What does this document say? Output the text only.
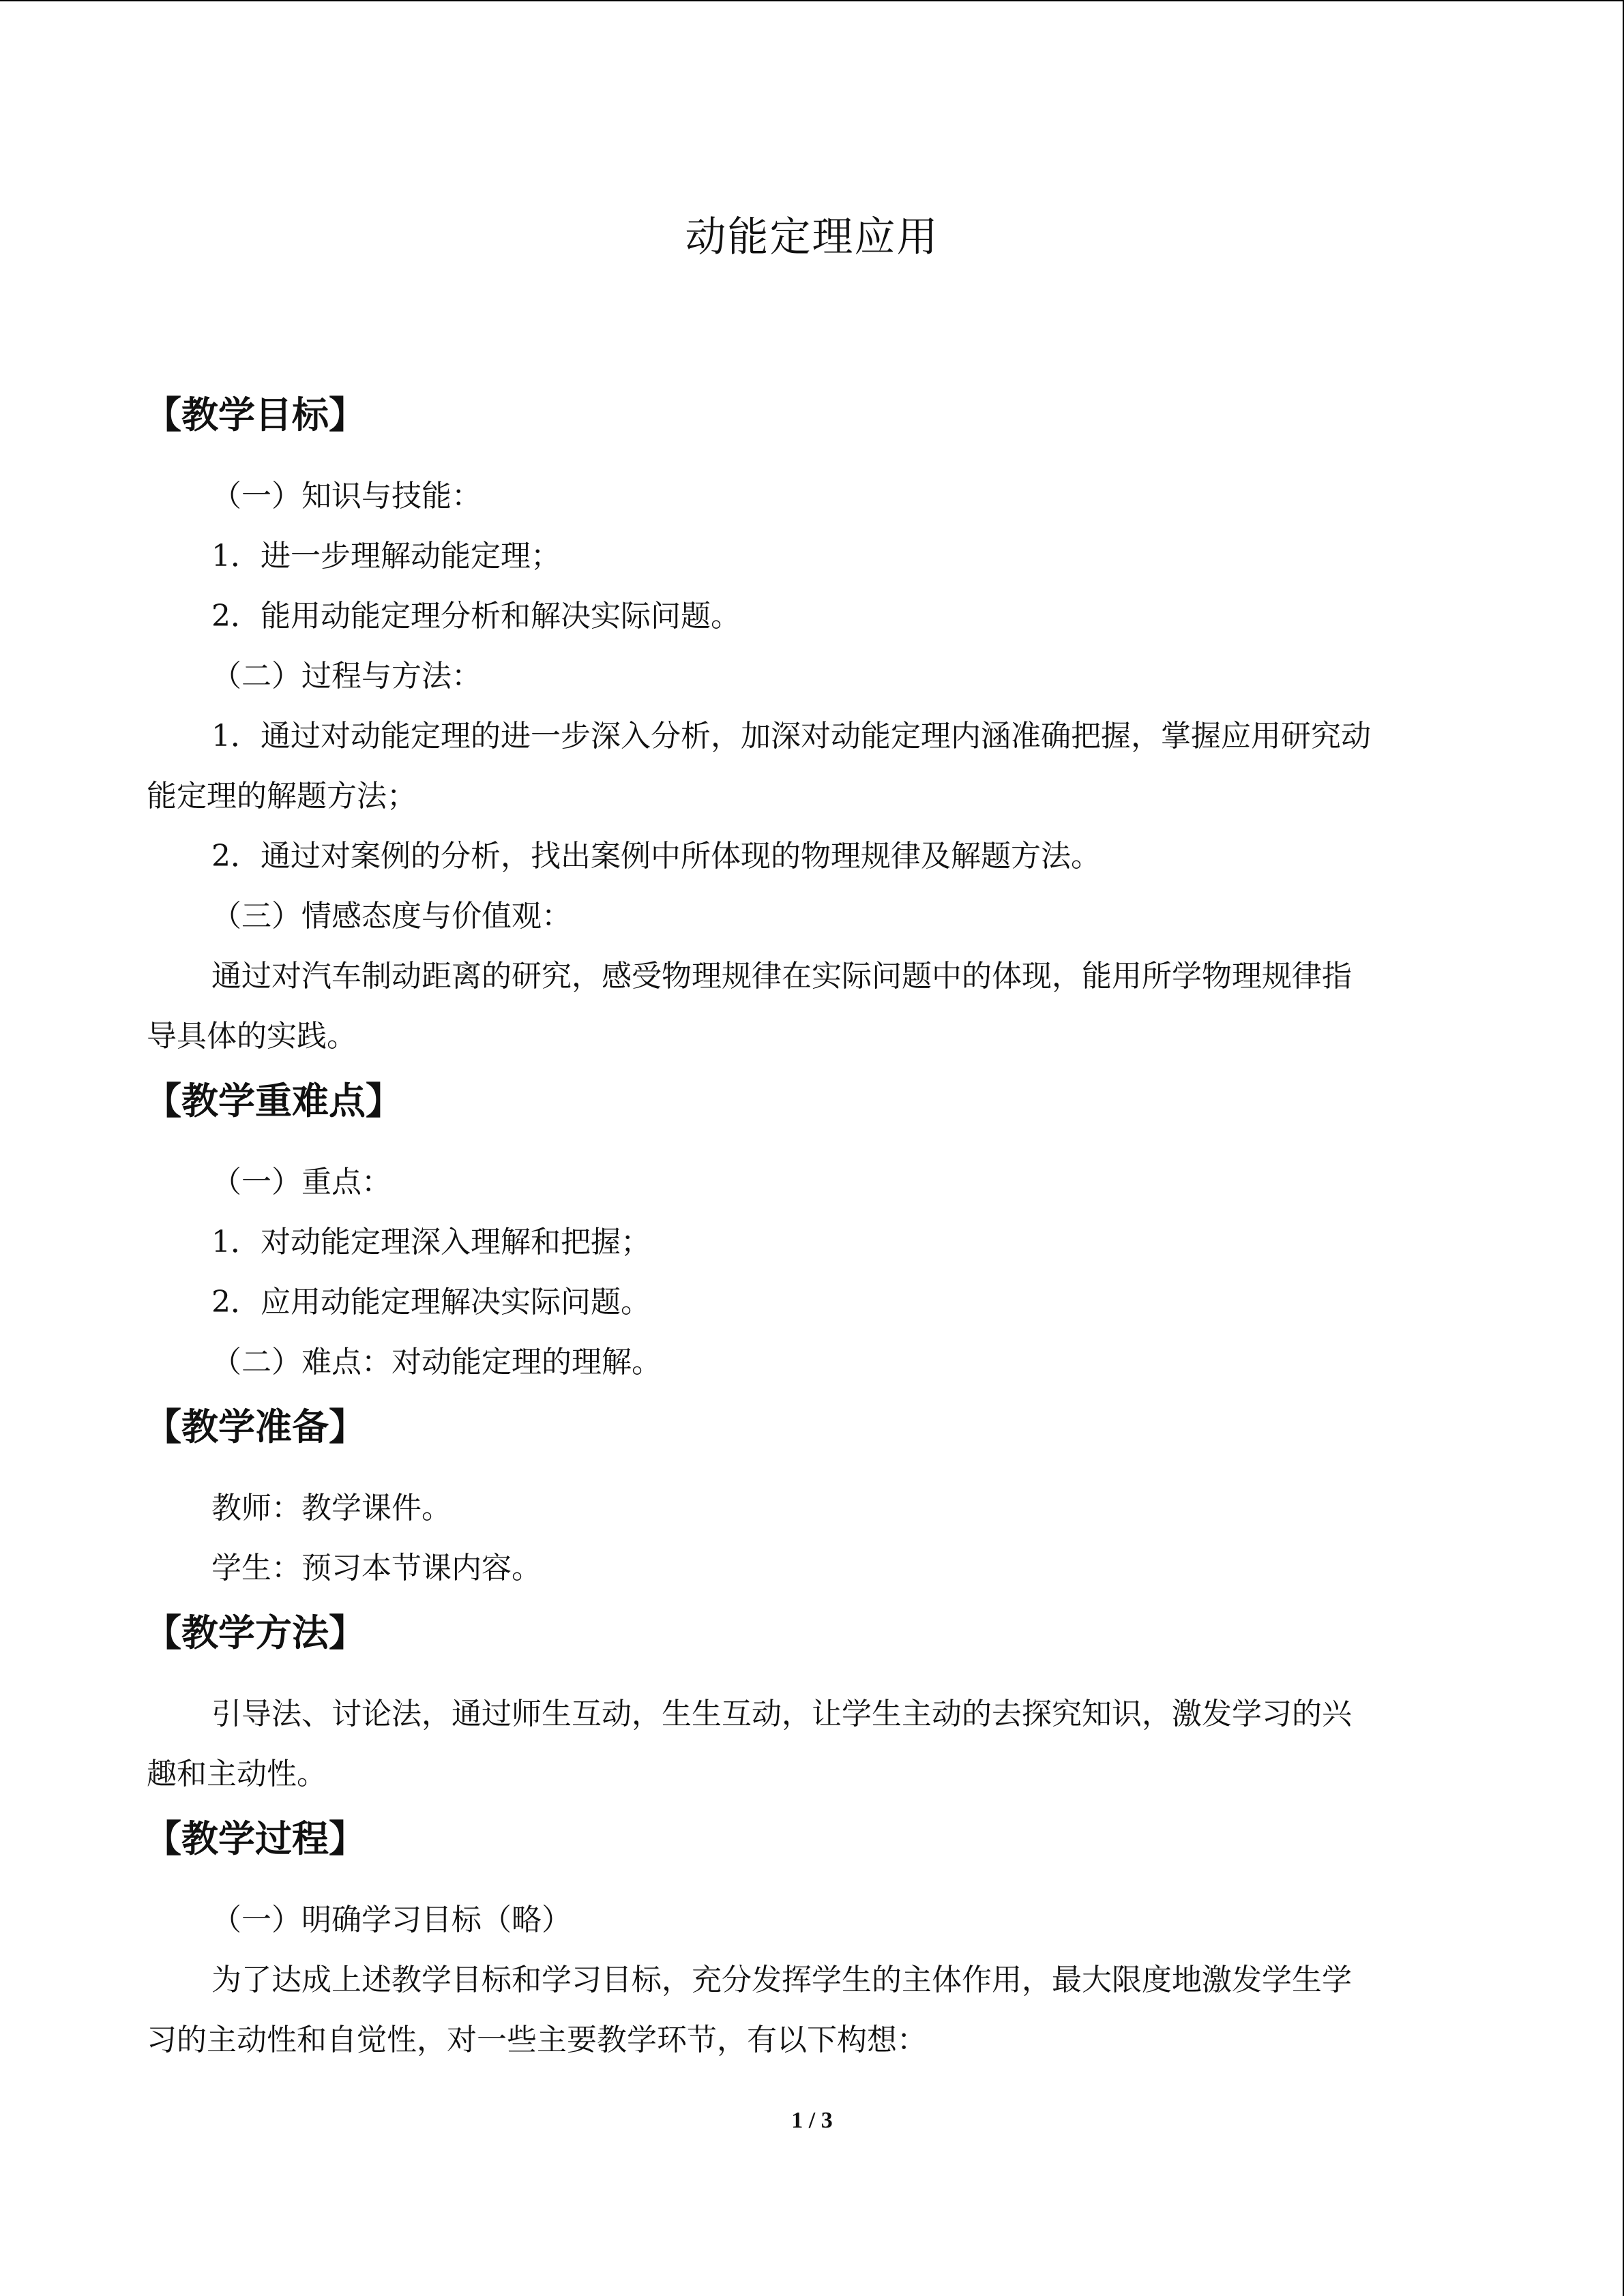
动能定理应用
【教学目标】
（一）知识与技能：
1．进一步理解动能定理；
2．能用动能定理分析和解决实际问题。
（二）过程与方法：
1．通过对动能定理的进一步深入分析，加深对动能定理内涵准确把握，掌握应用研究动
能定理的解题方法；
2．通过对案例的分析，找出案例中所体现的物理规律及解题方法。
（三）情感态度与价值观：
通过对汽车制动距离的研究，感受物理规律在实际问题中的体现，能用所学物理规律指
导具体的实践。
【教学重难点】
（一）重点：
1．对动能定理深入理解和把握；
2．应用动能定理解决实际问题。
（二）难点：对动能定理的理解。
【教学准备】
教师：教学课件。
学生：预习本节课内容。
【教学方法】
引导法、讨论法，通过师生互动，生生互动，让学生主动的去探究知识，激发学习的兴
趣和主动性。
【教学过程】
（一）明确学习目标（略）
为了达成上述教学目标和学习目标，充分发挥学生的主体作用，最大限度地激发学生学
习的主动性和自觉性，对一些主要教学环节，有以下构想：
1 / 3
